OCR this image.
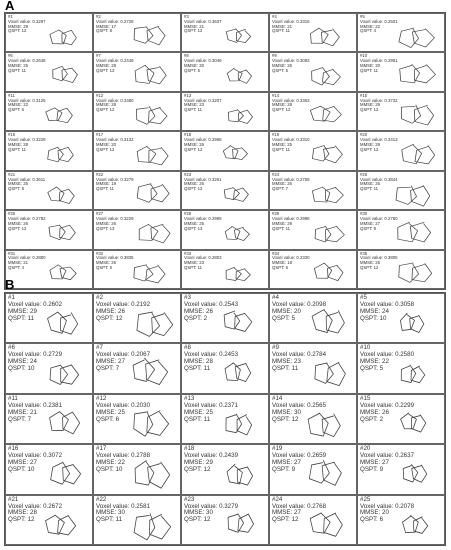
A
#1
Voxel value: 0.3297
MMSE: 29
QSPT: 12
#2
Voxel value: 0.2728
MMSE: 17
QSPT: 8
#3
Voxel value: 0.3637
MMSE: 21
QSPT: 12
#4
Voxel value: 0.3316
MMSE: 21
QSPT: 11
#5
Voxel value: 0.2501
MMSE: 22
QSPT: 4
#6
Voxel value: 0.2648
MMSE: 25
QSPT: 11
#7
Voxel value: 0.2449
MMSE: 28
QSPT: 13
#8
Voxel value: 0.3049
MMSE: 20
QSPT: 5
#9
Voxel value: 0.3083
MMSE: 26
QSPT: 5
#10
Voxel value: 0.2981
MMSE: 20
QSPT: 11
#11
Voxel value: 0.3125
MMSE: 22
QSPT: 6
#12
Voxel value: 0.3480
MMSE: 28
QSPT: 12
#13
Voxel value: 0.3207
MMSE: 23
QSPT: 11
#14
Voxel value: 0.3363
MMSE: 28
QSPT: 12
#15
Voxel value: 0.3732
MMSE: 29
QSPT: 12
#16
Voxel value: 0.3228
MMSE: 28
QSPT: 11
#17
Voxel value: 0.3133
MMSE: 20
QSPT: 12
#18
Voxel value: 0.2968
MMSE: 26
QSPT: 12
#19
Voxel value: 0.3310
MMSE: 25
QSPT: 11
#20
Voxel value: 0.3413
MMSE: 29
QSPT: 12
#21
Voxel value: 0.3611
MMSE: 25
QSPT: 8
#22
Voxel value: 0.3279
MMSE: 19
QSPT: 11
#23
Voxel value: 0.3261
MMSE: 26
QSPT: 12
#24
Voxel value: 0.2759
MMSE: 26
QSPT: 7
#25
Voxel value: 0.3844
MMSE: 26
QSPT: 11
#26
Voxel value: 0.2782
MMSE: 26
QSPT: 12
#27
Voxel value: 0.3229
MMSE: 26
QSPT: 13
#28
Voxel value: 0.2995
MMSE: 25
QSPT: 13
#29
Voxel value: 0.2998
MMSE: 29
QSPT: 11
#30
Voxel value: 0.2750
MMSE: 27
QSPT: 9
#31
Voxel value: 0.2880
MMSE: 21
QSPT: 4
#32
Voxel value: 0.3835
MMSE: 26
QSPT: 5
#33
Voxel value: 0.2803
MMSE: 23
QSPT: 11
#34
Voxel value: 0.2330
MMSE: 18
QSPT: 6
#35
Voxel value: 0.3805
MMSE: 25
QSPT: 12
B
#1
Voxel value: 0.2602
MMSE: 29
QSPT: 11
#2
Voxel value: 0.2192
MMSE: 26
QSPT: 12
#3
Voxel value: 0.2543
MMSE: 26
QSPT: 2
#4
Voxel value: 0.2098
MMSE: 20
QSPT: 5
#5
Voxel value: 0.3058
MMSE: 24
QSPT: 10
#6
Voxel value: 0.2729
MMSE: 24
QSPT: 10
#7
Voxel value: 0.2067
MMSE: 27
QSPT: 7
#8
Voxel value: 0.2453
MMSE: 28
QSPT: 11
#9
Voxel value: 0.2784
MMSE: 23
QSPT: 11
#10
Voxel value: 0.2580
MMSE: 22
QSPT: 5
#11
Voxel value: 0.2381
MMSE: 21
QSPT: 7
#12
Voxel value: 0.2030
MMSE: 25
QSPT: 6
#13
Voxel value: 0.2371
MMSE: 25
QSPT: 11
#14
Voxel value: 0.2565
MMSE: 30
QSPT: 12
#15
Voxel value: 0.2299
MMSE: 26
QSPT: 2
#16
Voxel value: 0.3072
MMSE: 27
QSPT: 10
#17
Voxel value: 0.2788
MMSE: 22
QSPT: 10
#18
Voxel value: 0.2439
MMSE: 29
QSPT: 12
#19
Voxel value: 0.2659
MMSE: 27
QSPT: 9
#20
Voxel value: 0.2637
MMSE: 27
QSPT: 9
#21
Voxel value: 0.2672
MMSE: 28
QSPT: 12
#22
Voxel value: 0.2581
MMSE: 30
QSPT: 11
#23
Voxel value: 0.3279
MMSE: 30
QSPT: 12
#24
Voxel value: 0.2768
MMSE: 27
QSPT: 12
#25
Voxel value: 0.2078
MMSE: 20
QSPT: 6
